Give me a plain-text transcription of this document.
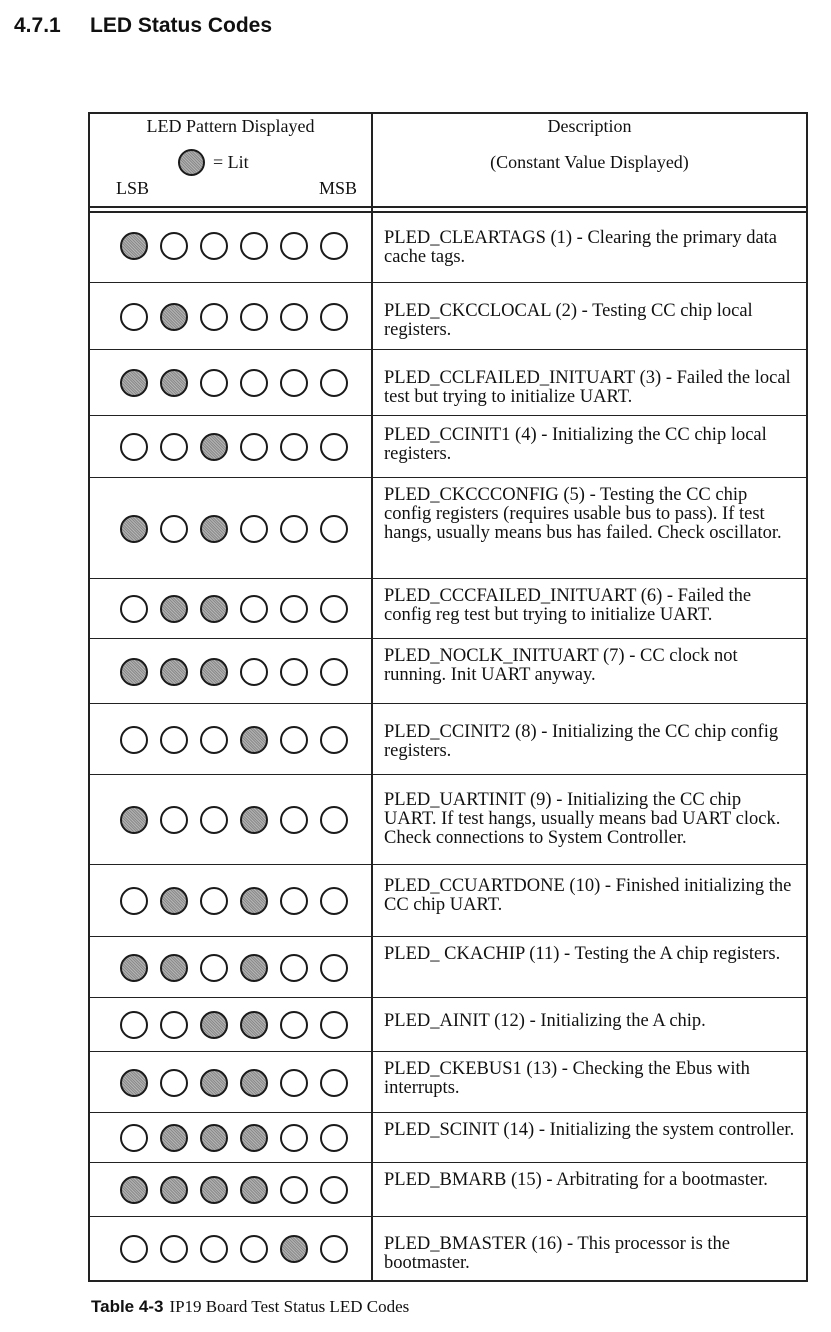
4.7.1 LED Status Codes
LED Pattern Displayed
= Lit
LSB	MSB
Description
(Constant Value Displayed)
PLED_CLEARTAGS (1) - Clearing the primary data cache tags.
PLED_CKCCLOCAL (2) - Testing CC chip local registers.
PLED_CCLFAILED_INITUART (3) - Failed the local test but trying to initialize UART.
PLED_CCINIT1 (4) - Initializing the CC chip local registers.
PLED_CKCCCONFIG (5) - Testing the CC chip config registers (requires usable bus to pass). If test hangs, usually means bus has failed. Check oscillator.
PLED_CCCFAILED_INITUART (6) - Failed the config reg test but trying to initialize UART.
PLED_NOCLK_INITUART (7) - CC clock not running. Init UART anyway.
PLED_CCINIT2 (8) - Initializing the CC chip config registers.
PLED_UARTINIT (9) - Initializing the CC chip UART. If test hangs, usually means bad UART clock. Check connections to System Controller.
PLED_CCUARTDONE (10) - Finished initializing the CC chip UART.
PLED_ CKACHIP (11) - Testing the A chip registers.
PLED_AINIT (12) - Initializing the A chip.
PLED_CKEBUS1 (13) - Checking the Ebus with interrupts.
PLED_SCINIT (14) - Initializing the system controller.
PLED_BMARB (15) - Arbitrating for a bootmaster.
PLED_BMASTER (16) - This processor is the bootmaster.
Table 4-3 IP19 Board Test Status LED Codes
